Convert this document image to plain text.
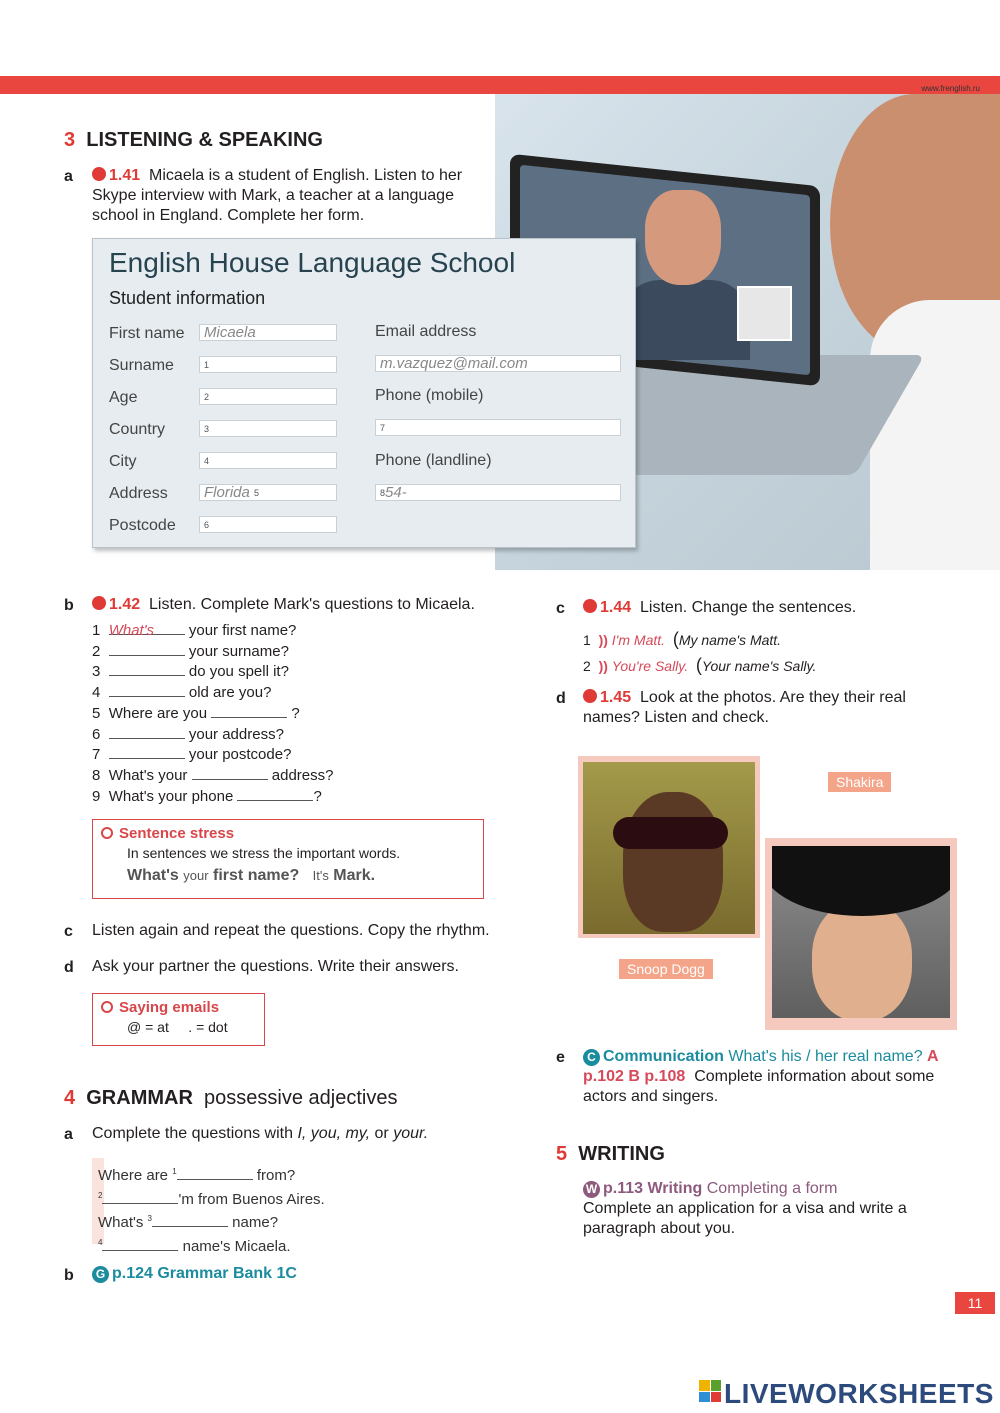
www.frenglish.ru
3 LISTENING & SPEAKING
a	1.41 Micaela is a student of English. Listen to her Skype interview with Mark, a teacher at a language school in England. Complete her form.
English House Language School
Student information
First name	Micaela
Surname	$^1$
Age	$^2$
Country	$^3$
City	$^4$
Address	Florida $^5$
Postcode	$^6$
Email address
m.vazquez@mail.com
Phone (mobile)
$^7$
Phone (landline)
$^8$54-
b	1.42 Listen. Complete Mark's questions to Micaela.
1 What's your first name?
2	your surname?
3	do you spell it?
4	old are you?
5 Where are you	?
6	your address?
7	your postcode?
8 What's your	address?
9 What's your phone	?
Sentence stress
In sentences we stress the important words.
What's your first name? It's Mark.
c Listen again and repeat the questions. Copy the rhythm.
d Ask your partner the questions. Write their answers.
Saying emails
@ = at . = dot
4 GRAMMAR possessive adjectives
a Complete the questions with I, you, my, or your.
Where are $^1$	from?
$^2$	'm from Buenos Aires.
What's $^3$	name?
$^4$	name's Micaela.
b	G p.124 Grammar Bank 1C
c	1.44 Listen. Change the sentences.
1 )) I'm Matt. (My name's Matt.
2 )) You're Sally. (Your name's Sally.
d	1.45 Look at the photos. Are they their real names? Listen and check.
Shakira
Snoop Dogg
e	C Communication What's his / her real name? A p.102 B p.108 Complete information about some actors and singers.
5 WRITING
W p.113 Writing Completing a form
Complete an application for a visa and write a paragraph about you.
11
LIVEWORKSHEETS
